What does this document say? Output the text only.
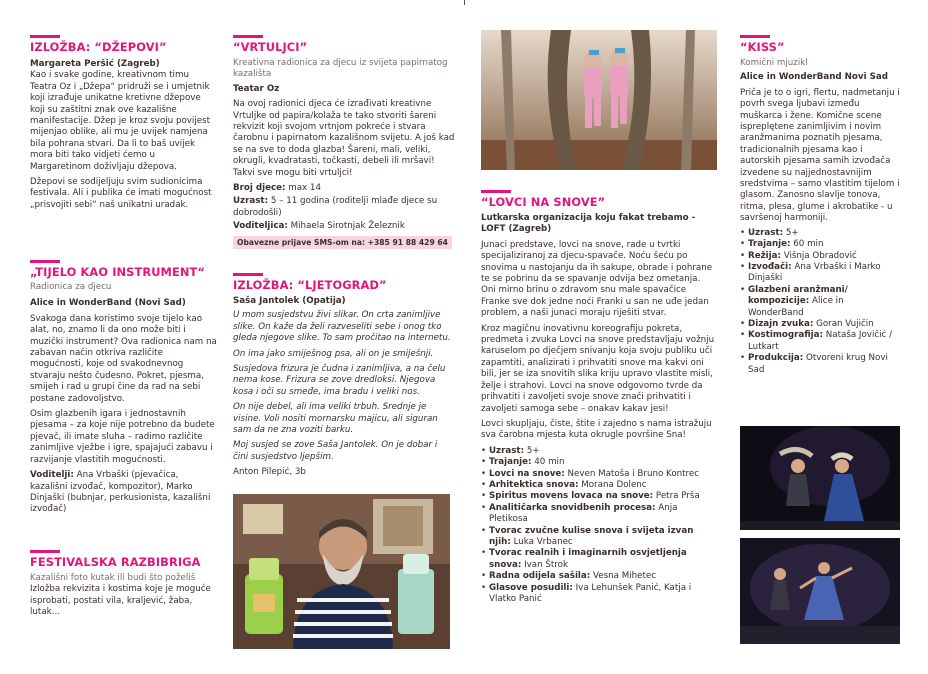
IZLOŽBA: “DŽEPOVI”

Margareta Peršić (Zagreb)

Kao i svake godine, kreativnom timu Teatra Oz i „Džepa“ pridruži se i umjetnik koji izrađuje unikatne kretivne džepove koji su zaštitni znak ove kazališne manifestacije. Džep je kroz svoju povijest mijenjao oblike, ali mu je uvijek namjena bila pohrana stvari. Da li to baš uvijek mora biti tako vidjeti ćemo u Margaretinom doživljaju džepova.

Džepovi se sodijeljuju svim sudionicima festivala. Ali i publika će imati mogućnost „prisvojiti sebi“ naš unikatni uradak.

„TIJELO KAO INSTRUMENT“

Radionica za djecu

Alice in WonderBand (Novi Sad)

Svakoga dana koristimo svoje tijelo kao alat, no, znamo li da ono može biti i muzički instrument? Ova radionica nam na zabavan način otkriva različite mogućnosti, koje od svakodnevnog stvaraju nešto čudesno. Pokret, pjesma, smijeh i rad u grupi čine da rad na sebi postane zadovoljstvo.

Osim glazbenih igara i jednostavnih pjesama – za koje nije potrebno da budete pjevač, ili imate sluha – radimo različite zanimljive vježbe i igre, spajajući zabavu i razvijanje vlastitih mogućnosti.

Voditelji: Ana Vrbaški (pjevačica, kazališni izvođač, kompozitor), Marko Dinjaški (bubnjar, perkusionista, kazališni izvođač)

FESTIVALSKA RAZBIBRIGA

Kazališni foto kutak ili budi što poželiš

Izložba rekvizita i kostima koje je moguće isprobati, postati vila, kraljević, žaba, lutak...

“VRTULJCI”

Kreativna radionica za djecu iz svijeta papirnatog kazališta

Teatar Oz

Na ovoj radionici djeca će izrađivati kreativne Vrtuljke od papira/kolaža te tako stvoriti šareni rekvizit koji svojom vrtnjom pokreće i stvara čarobnu i papirnatom kazališnom svijetu. A još kad se na sve to doda glazba! Šareni, mali, veliki, okrugli, kvadratasti, točkasti, debeli ili mršavi! Takvi sve mogu biti vrtuljci!

Broj djece: max 14

Uzrast: 5 – 11 godina (roditelji mlađe djece su dobrodošli)

Voditeljica: Mihaela Sirotnjak Železnik

Obavezne prijave SMS-om na: +385 91 88 429 64

IZLOŽBA: “LJETOGRAD”

Saša Jantolek (Opatija)

U mom susjedstvu živi slikar. On crta zanimljive slike. On kaže da želi razveseliti sebe i onog tko gleda njegove slike. To sam pročitao na internetu.

On ima jako smiješnog psa, ali on je smiješnji.

Susjedova frizura je čudna i zanimljiva, a na čelu nema kose. Frizura se zove dredloksi. Njegova kosa i oči su smeđe, ima bradu i veliki nos.

On nije debel, ali ima veliki trbuh. Srednje je visine. Voli nositi mornarsku majicu, ali siguran sam da ne zna voziti barku.

Moj susjed se zove Saša Jantolek. On je dobar i čini susjedstvo ljepšim.

Anton Pilepić, 3b

“LOVCI NA SNOVE”

Lutkarska organizacija koju fakat trebamo - LOFT (Zagreb)

Junaci predstave, lovci na snove, rade u tvrtki specijaliziranoj za djecu-spavače. Noću šeću po snovima u nastojanju da ih sakupe, obrade i pohrane te se pobrinu da se spavanje odvija bez ometanja. Oni mirno brinu o zdravom snu male spavačice Franke sve dok jedne noći Franki u san ne uđe jedan problem, a naši junaci moraju riješiti stvar.

Kroz magičnu inovativnu koreografiju pokreta, predmeta i zvuka Lovci na snove predstavljaju vožnju karuselom po dječjem snivanju koja svoju publiku uči zapamtiti, analizirati i prihvatiti snove ma kakvi oni bili, jer se iza snovitih slika kriju upravo vlastite misli, želje i strahovi. Lovci na snove odgovorno tvrde da prihvatiti i zavoljeti svoje snove znači prihvatiti i zavoljeti samoga sebe – onakav kakav jesi!

Lovci skupljaju, čiste, štite i zajedno s nama istražuju sva čarobna mjesta kuta okrugle površine Sna!

• Uzrast: 5+
• Trajanje: 40 min
• Lovci na snove: Neven Matoša i Bruno Kontrec
• Arhitektica snova: Morana Dolenc
• Spiritus movens lovaca na snove: Petra Prša
• Analitičarka snovidbenih procesa: Anja Pletikosa
• Tvorac zvučne kulise snova i svijeta izvan njih: Luka Vrbanec
• Tvorac realnih i imaginarnih osvjetljenja snova: Ivan Štrok
• Radna odijela sašila: Vesna Mihetec
• Glasove posudili: Iva Lehunšek Panić, Katja i Vlatko Panić
“KISS”

Komični mjuzikl

Alice in WonderBand Novi Sad

Priča je to o igri, flertu, nadmetanju i povrh svega ljubavi između muškarca i žene. Komične scene ispreplętene zanimljivim i novim aranžmanima poznatih pjesama, tradicionalnih pjesama kao i autorskih pjesama samih izvođača izvedene su najjednostavnijim sredstvima – samo vlastitim tijelom i glasom. Zanosno slavlje tonova, ritma, plesa, glume i akrobatike - u savršenoj harmoniji.

• Uzrast: 5+
• Trajanje: 60 min
• Režija: Višnja Obradović
• Izvođači: Ana Vrbaški i Marko Dinjaški
• Glazbeni aranžmani/ kompozicije: Alice in WonderBand
• Dizajn zvuka: Goran Vujičin
• Kostimografija: Nataša Jovičić / Lutkart
• Produkcija: Otvoreni krug Novi Sad
